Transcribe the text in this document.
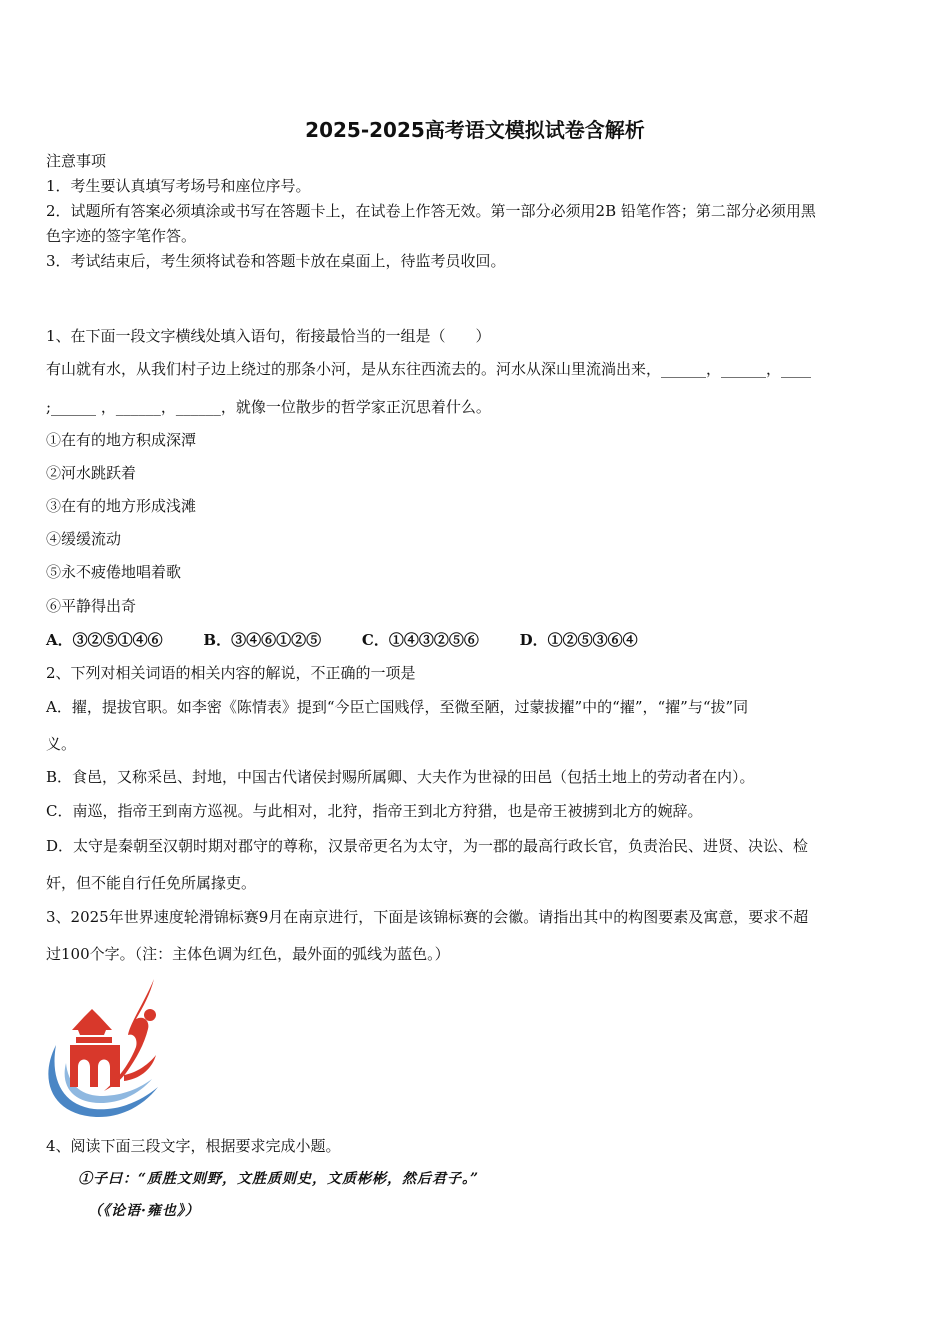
2025-2025高考语文模拟试卷含解析
注意事项
1．考生要认真填写考场号和座位序号。
2．试题所有答案必须填涂或书写在答题卡上，在试卷上作答无效。第一部分必须用2B 铅笔作答；第二部分必须用黑
色字迹的签字笔作答。
3．考试结束后，考生须将试卷和答题卡放在桌面上，待监考员收回。
1、在下面一段文字横线处填入语句，衔接最恰当的一组是（　　）
有山就有水，从我们村子边上绕过的那条小河，是从东往西流去的。河水从深山里流淌出来，______，______，____
;______ ，______，______，就像一位散步的哲学家正沉思着什么。
①在有的地方积成深潭
②河水跳跃着
③在有的地方形成浅滩
④缓缓流动
⑤永不疲倦地唱着歌
⑥平静得出奇
A．③②⑤①④⑥	B．③④⑥①②⑤	C．①④③②⑤⑥	D．①②⑤③⑥④
2、下列对相关词语的相关内容的解说，不正确的一项是
A．擢，提拔官职。如李密《陈情表》提到“今臣亡国贱俘，至微至陋，过蒙拔擢”中的“擢”，“擢”与“拔”同
义。
B．食邑，又称采邑、封地，中国古代诸侯封赐所属卿、大夫作为世禄的田邑（包括土地上的劳动者在内）。
C．南巡，指帝王到南方巡视。与此相对，北狩，指帝王到北方狩猎，也是帝王被掳到北方的婉辞。
D．太守是秦朝至汉朝时期对郡守的尊称，汉景帝更名为太守，为一郡的最高行政长官，负责治民、进贤、决讼、检
奸，但不能自行任免所属掾吏。
3、2025年世界速度轮滑锦标赛9月在南京进行，下面是该锦标赛的会徽。请指出其中的构图要素及寓意，要求不超
过100个字。（注：主体色调为红色，最外面的弧线为蓝色。）
4、阅读下面三段文字，根据要求完成小题。
①子曰：“质胜文则野，文胜质则史，文质彬彬，然后君子。”
（《论语·雍也》）
